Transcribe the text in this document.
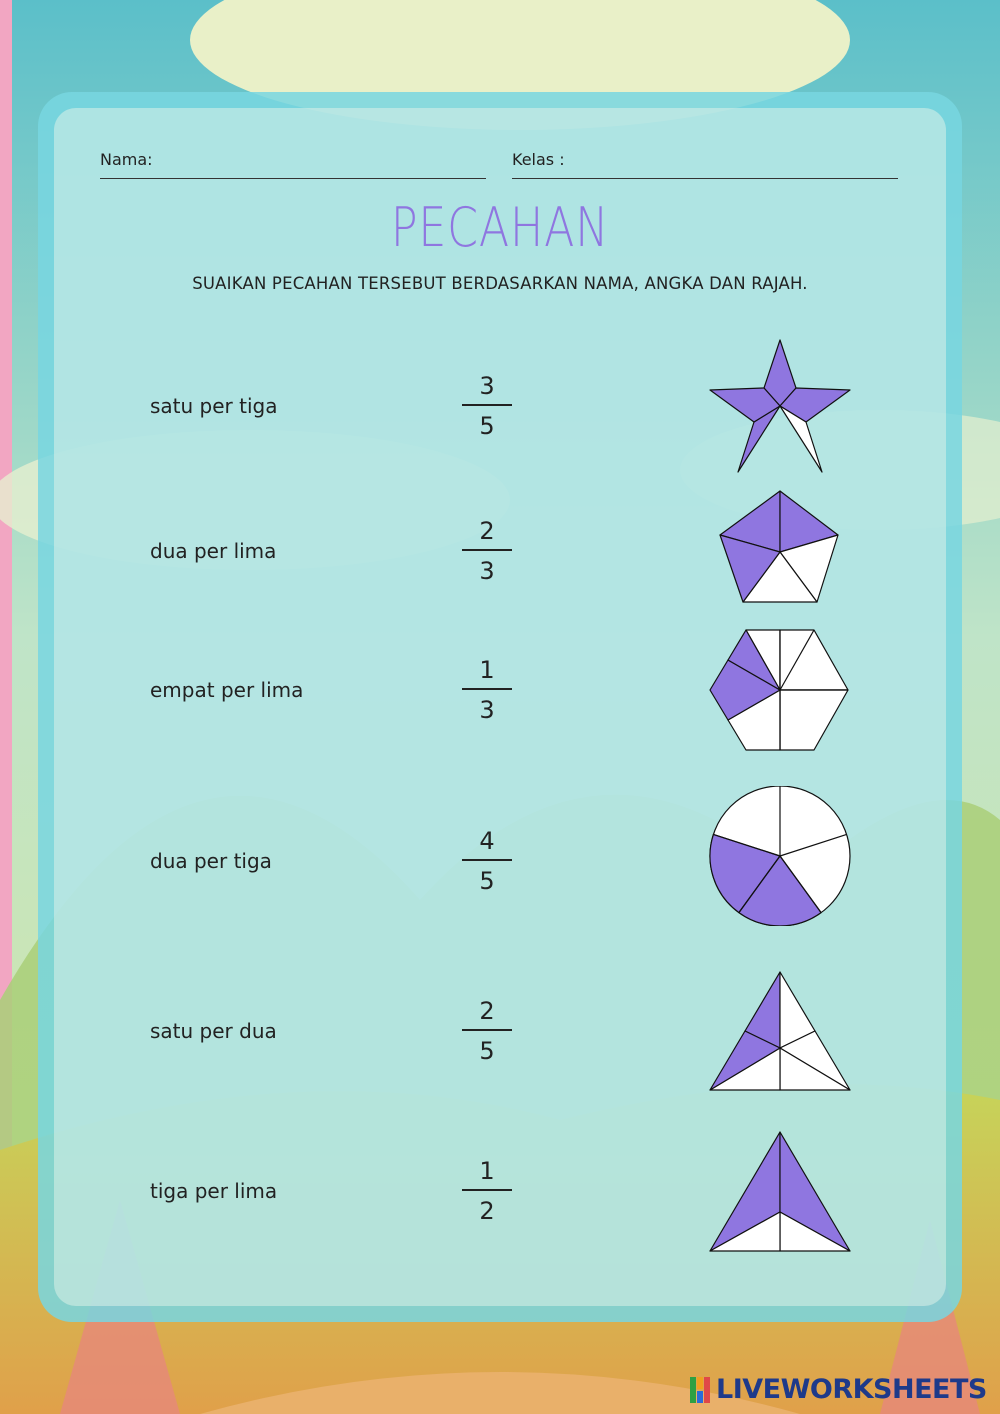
Nama:	Kelas :
PECAHAN
SUAIKAN PECAHAN TERSEBUT BERDASARKAN NAMA, ANGKA DAN RAJAH.
satu per tiga
3
5
dua per lima
2
3
empat per lima
1
3
dua per tiga
4
5
satu per dua
2
5
tiga per lima
1
2
LIVEWORKSHEETS
